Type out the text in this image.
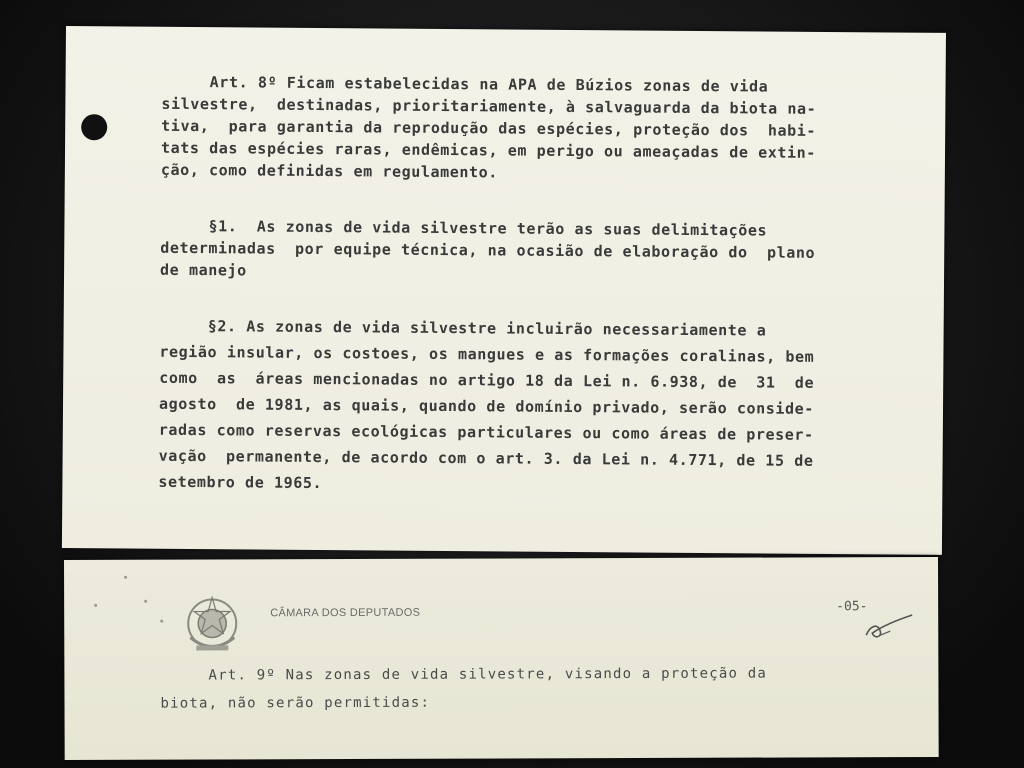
Art. 8º Ficam estabelecidas na APA de Búzios zonas de vida
silvestre,  destinadas, prioritariamente, à salvaguarda da biota na-
tiva,  para garantia da reprodução das espécies, proteção dos  habi-
tats das espécies raras, endêmicas, em perigo ou ameaçadas de extin-
ção, como definidas em regulamento.
§1.  As zonas de vida silvestre terão as suas delimitações
determinadas  por equipe técnica, na ocasião de elaboração do  plano
de manejo
§2. As zonas de vida silvestre incluirão necessariamente a
região insular, os costoes, os mangues e as formações coralinas, bem
como  as  áreas mencionadas no artigo 18 da Lei n. 6.938, de  31  de
agosto  de 1981, as quais, quando de domínio privado, serão conside-
radas como reservas ecológicas particulares ou como áreas de preser-
vação  permanente, de acordo com o art. 3. da Lei n. 4.771, de 15 de
setembro de 1965.
CÂMARA DOS DEPUTADOS	-05-
Art. 9º Nas zonas de vida silvestre, visando a proteção da
biota, não serão permitidas:
